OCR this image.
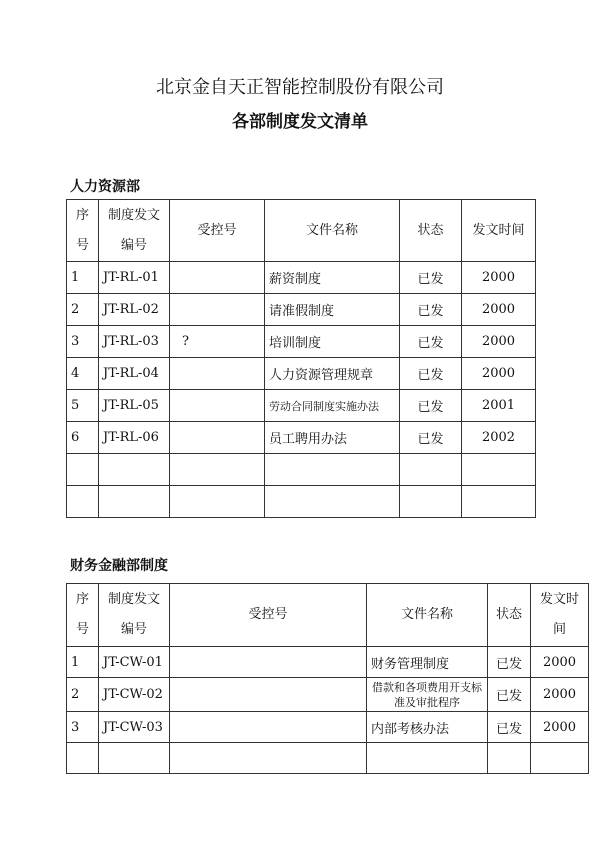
北京金自天正智能控制股份有限公司
各部制度发文清单
人力资源部
序号	制度发文编号	受控号	文件名称	状态	发文时间
1	JT-RL-01		薪资制度	已发	2000
2	JT-RL-02		请准假制度	已发	2000
3	JT-RL-03	?	培训制度	已发	2000
4	JT-RL-04		人力资源管理规章	已发	2000
5	JT-RL-05		劳动合同制度实施办法	已发	2001
6	JT-RL-06		员工聘用办法	已发	2002

财务金融部制度
序号	制度发文编号	受控号	文件名称	状态	发文时间
1	JT-CW-01		财务管理制度	已发	2000
2	JT-CW-02		借款和各项费用开支标准及审批程序	已发	2000
3	JT-CW-03		内部考核办法	已发	2000
